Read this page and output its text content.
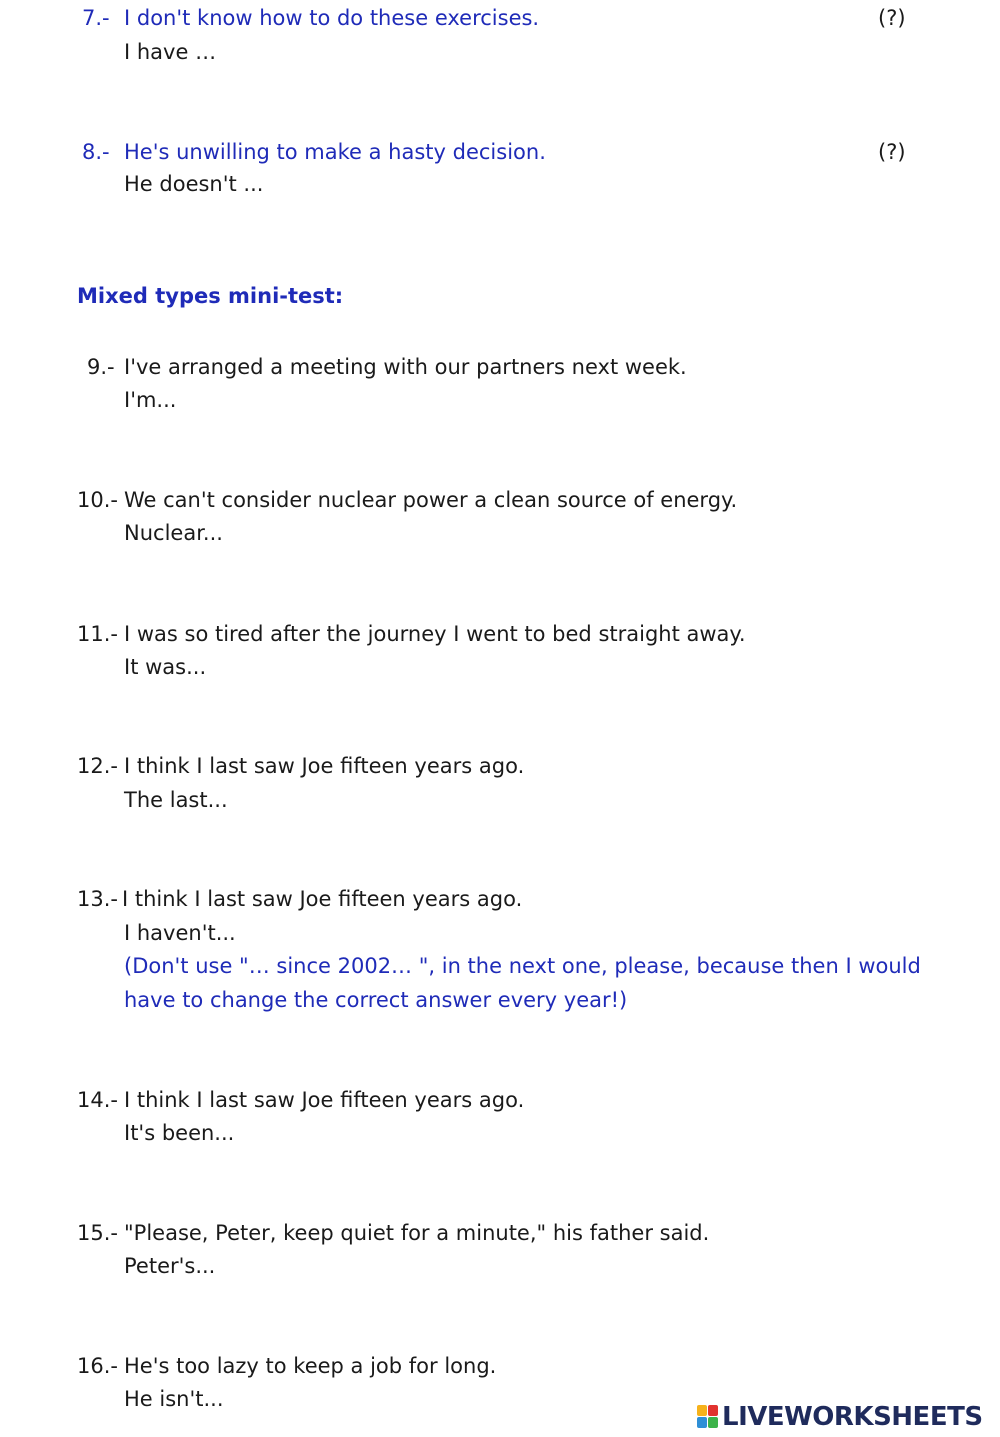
7.- I don't know how to do these exercises.	(?)
I have …
8.- He's unwilling to make a hasty decision.	(?)
He doesn't ...
Mixed types mini-test:
9.- I've arranged a meeting with our partners next week.
I'm...
10.- We can't consider nuclear power a clean source of energy.
Nuclear...
11.- I was so tired after the journey I went to bed straight away.
It was...
12.- I think I last saw Joe fifteen years ago.
The last...
13.- I think I last saw Joe fifteen years ago.
I haven't...
(Don't use "… since 2002… ", in the next one, please, because then I would
have to change the correct answer every year!)
14.- I think I last saw Joe fifteen years ago.
It's been...
15.- "Please, Peter, keep quiet for a minute," his father said.
Peter's...
16.- He's too lazy to keep a job for long.
He isn't...
LIVEWORKSHEETS
